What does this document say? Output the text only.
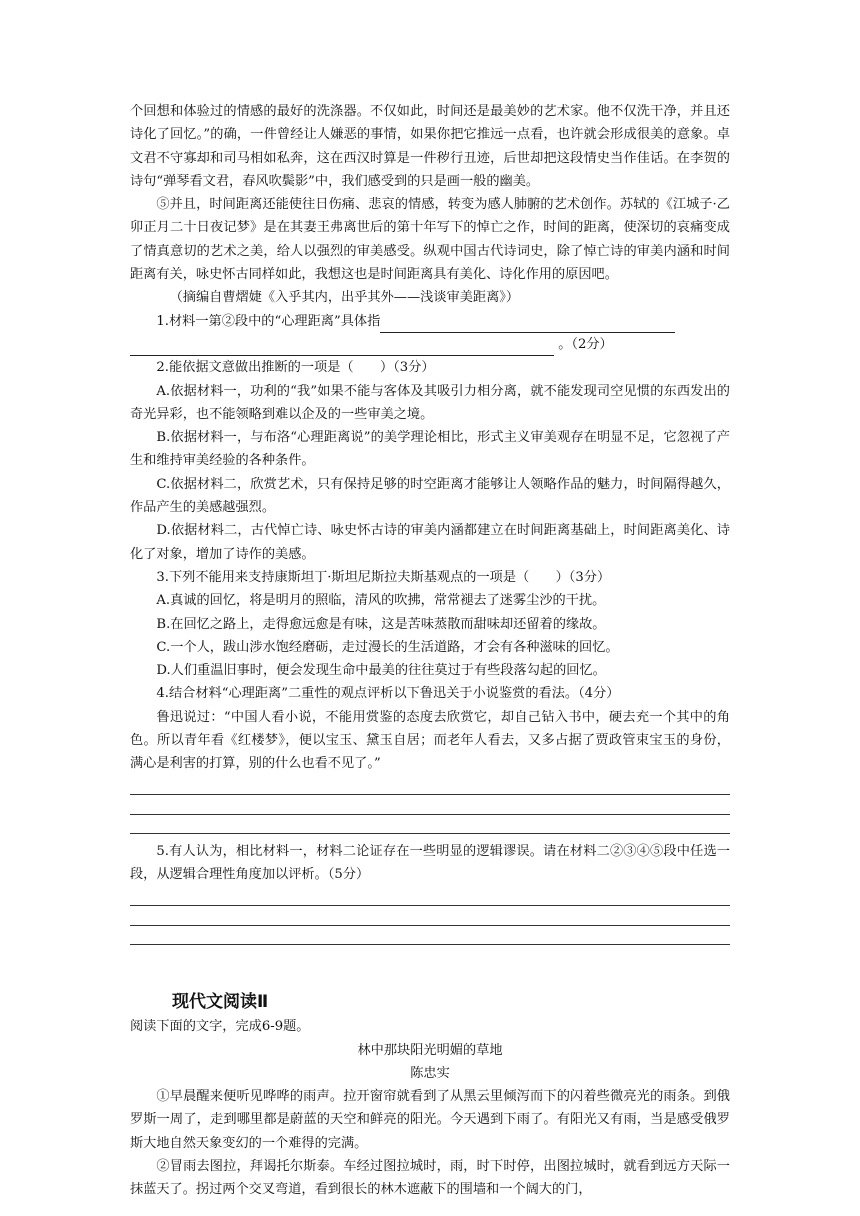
个回想和体验过的情感的最好的洗涤器。不仅如此，时间还是最美妙的艺术家。他不仅洗干净，并且还诗化了回忆。”的确，一件曾经让人嫌恶的事情，如果你把它推远一点看，也许就会形成很美的意象。卓文君不守寡却和司马相如私奔，这在西汉时算是一件秽行丑迹，后世却把这段情史当作佳话。在李贺的诗句“弹琴看文君，春风吹鬓影”中，我们感受到的只是画一般的幽美。

⑤并且，时间距离还能使往日伤痛、悲哀的情感，转变为感人肺腑的艺术创作。苏轼的《江城子·乙卯正月二十日夜记梦》是在其妻王弗离世后的第十年写下的悼亡之作，时间的距离，使深切的哀痛变成了情真意切的艺术之美，给人以强烈的审美感受。纵观中国古代诗词史，除了悼亡诗的审美内涵和时间距离有关，咏史怀古同样如此，我想这也是时间距离具有美化、诗化作用的原因吧。

（摘编自曹熠婕《入乎其内，出乎其外——浅谈审美距离》）

1.材料一第②段中的“心理距离”具体指

。（2分）

2.能依据文意做出推断的一项是（　　）（3分）

A.依据材料一，功利的“我”如果不能与客体及其吸引力相分离，就不能发现司空见惯的东西发出的奇光异彩，也不能领略到难以企及的一些审美之境。

B.依据材料一，与布洛“心理距离说”的美学理论相比，形式主义审美观存在明显不足，它忽视了产生和维持审美经验的各种条件。

C.依据材料二，欣赏艺术，只有保持足够的时空距离才能够让人领略作品的魅力，时间隔得越久，作品产生的美感越强烈。

D.依据材料二，古代悼亡诗、咏史怀古诗的审美内涵都建立在时间距离基础上，时间距离美化、诗化了对象，增加了诗作的美感。

3.下列不能用来支持康斯坦丁·斯坦尼斯拉夫斯基观点的一项是（　　）（3分）

A.真诚的回忆，将是明月的照临，清风的吹拂，常常褪去了迷雾尘沙的干扰。

B.在回忆之路上，走得愈远愈是有味，这是苦味蒸散而甜味却还留着的缘故。

C.一个人，跋山涉水饱经磨砺，走过漫长的生活道路，才会有各种滋味的回忆。

D.人们重温旧事时，便会发现生命中最美的往往莫过于有些段落勾起的回忆。

4.结合材料“心理距离”二重性的观点评析以下鲁迅关于小说鉴赏的看法。（4分）

鲁迅说过：“中国人看小说，不能用赏鉴的态度去欣赏它，却自己钻入书中，硬去充一个其中的角色。所以青年看《红楼梦》，便以宝玉、黛玉自居；而老年人看去，又多占据了贾政管束宝玉的身份，满心是利害的打算，别的什么也看不见了。”

5.有人认为，相比材料一，材料二论证存在一些明显的逻辑谬误。请在材料二②③④⑤段中任选一段，从逻辑合理性角度加以评析。（5分）

现代文阅读Ⅱ

阅读下面的文字，完成6-9题。

林中那块阳光明媚的草地

陈忠实

①早晨醒来便听见哗哗的雨声。拉开窗帘就看到了从黑云里倾泻而下的闪着些微亮光的雨条。到俄罗斯一周了，走到哪里都是蔚蓝的天空和鲜亮的阳光。今天遇到下雨了。有阳光又有雨，当是感受俄罗斯大地自然天象变幻的一个难得的完满。

②冒雨去图拉，拜谒托尔斯泰。车经过图拉城时，雨，时下时停，出图拉城时，就看到远方天际一抹蓝天了。拐过两个交叉弯道，看到很长的林木遮蔽下的围墙和一个阔大的门，
